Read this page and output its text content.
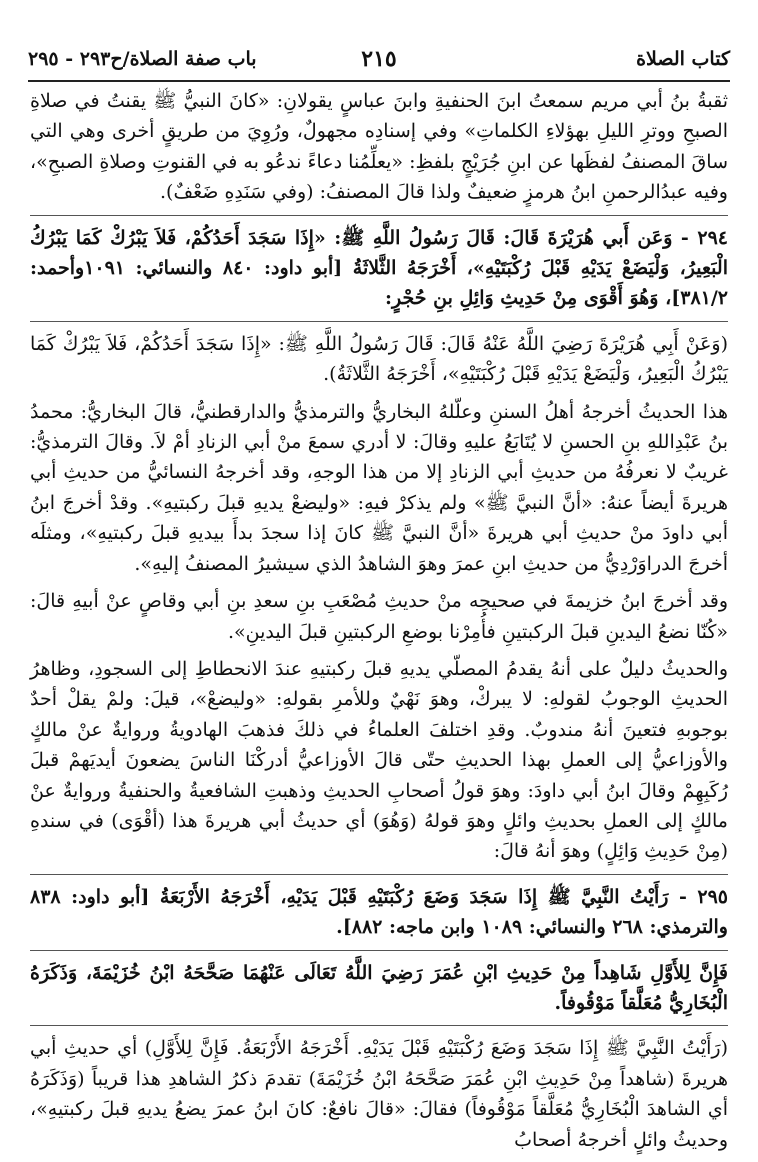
كتاب الصلاة
٢١٥
باب صفة الصلاة/ح٢٩٣ - ٢٩٥

ثقبةُ بنُ أبي مريم سمعتُ ابنَ الحنفيةِ وابنَ عباسٍ يقولانِ: «كانَ النبيُّ ﷺ يقنتُ في صلاةِ الصبحِ ووترِ الليلِ بهؤلاءِ الكلماتِ» وفي إسنادِه مجهولٌ، ورُوِيَ من طريقٍ أخرى وهي التي ساقَ المصنفُ لفظَها عن ابنِ جُرَيْجٍ بلفظِ: «يعلِّمُنا دعاءً ندعُو به في القنوتِ وصلاةِ الصبحِ»، وفيه عبدُالرحمنِ ابنُ هرمزٍ ضعيفٌ ولذا قالَ المصنفُ: (وفي سَنَدِهِ ضَعْفٌ).

٢٩٤ - وَعَن أَبي هُرَيْرَةَ قَالَ: قَالَ رَسُولُ اللَّهِ ﷺ: «إِذَا سَجَدَ أَحَدُكُمْ، فَلاَ يَبْرُكْ كَمَا يَبْرُكُ الْبَعِيرُ، وَلْيَضَعْ يَدَيْهِ قَبْلَ رُكْبَتَيْهِ»، أَخْرَجَهُ الثَّلاثَةُ [أبو داود: ٨٤٠ والنسائي: ١٠٩١وأحمد: ٣٨١/٢]، وَهُوَ أَقْوَى مِنْ حَدِيثِ وَائِلِ بنِ حُجْرٍ:

(وَعَنْ أَبِي هُرَيْرَةَ رَضِيَ اللَّهُ عَنْهُ قَالَ: قَالَ رَسُولُ اللَّهِ ﷺ: «إِذَا سَجَدَ أَحَدُكُمْ، فَلاَ يَبْرُكْ كَمَا يَبْرُكُ الْبَعِيرُ، وَلْيَضَعْ يَدَيْهِ قَبْلَ رُكْبَتَيْهِ»، أَخْرَجَهُ الثَّلاثَةُ).

هذا الحديثُ أخرجهُ أهلُ السننِ وعلّلهُ البخاريُّ والترمذيُّ والدارقطنيُّ، قالَ البخاريُّ: محمدُ بنُ عَبْدِاللهِ بنِ الحسنِ لا يُتَابَعُ عليهِ وقالَ: لا أدري سمعَ منْ أبي الزنادِ أمْ لاَ. وقالَ الترمذيُّ: غريبٌ لا نعرفُهُ من حديثِ أبي الزنادِ إلا من هذا الوجهِ، وقد أخرجهُ النسائيُّ من حديثِ أبي هريرةَ أيضاً عنهُ: «أنَّ النبيَّ ﷺ» ولم يذكرْ فيهِ: «وليضعْ يديهِ قبلَ ركبتيهِ». وقدْ أخرجَ ابنُ أبي داودَ منْ حديثِ أبي هريرةَ «أنَّ النبيَّ ﷺ كانَ إذا سجدَ بدأَ بيديهِ قبلَ ركبتيهِ»، ومثلَه أخرجَ الدراوَرْدِيُّ من حديثِ ابنِ عمرَ وهوَ الشاهدُ الذي سيشيرُ المصنفُ إليهِ».

وقد أخرجَ ابنُ خزيمةَ في صحيحِه منْ حديثِ مُصْعَبِ بنِ سعدِ بنِ أبي وقاصٍ عنْ أبيهِ قالَ: «كُنّا نضعُ اليدينِ قبلَ الركبتينِ فأُمِرْنا بوضعِ الركبتينِ قبلَ اليدينِ».

والحديثُ دليلٌ على أنهُ يقدمُ المصلّي يديهِ قبلَ ركبتيهِ عندَ الانحطاطِ إلى السجودِ، وظاهرُ الحديثِ الوجوبُ لقولهِ: لا يبركْ، وهوَ نَهْيٌ وللأمرِ بقولهِ: «وليضعْ»، قيلَ: ولمْ يقلْ أحدٌ بوجوبهِ فتعينَ أنهُ مندوبٌ. وقدِ اختلفَ العلماءُ في ذلكَ فذهبَ الهادويةُ وروايةٌ عنْ مالكٍ والأوزاعيُّ إلى العملِ بهذا الحديثِ حتّى قالَ الأوزاعيُّ أدركْنَا الناسَ يضعونَ أيديَهمْ قبلَ رُكَبِهِمْ وقالَ ابنُ أبي داودَ: وهوَ قولُ أصحابِ الحديثِ وذهبتِ الشافعيةُ والحنفيةُ وروايةٌ عنْ مالكٍ إلى العملِ بحديثِ وائلٍ وهوَ قولهُ (وَهُوَ) أي حديثُ أبي هريرةَ هذا (أقْوَى) في سندهِ (مِنْ حَدِيثِ وَائِلٍ) وهوَ أنهُ قالَ:

٢٩٥ - رَأَيْتُ النَّبِيَّ ﷺ إِذَا سَجَدَ وَضَعَ رُكْبَتَيْهِ قَبْلَ يَدَيْهِ، أَخْرَجَهُ الأَرْبَعَةُ [أبو داود: ٨٣٨ والترمذي: ٢٦٨ والنسائي: ١٠٨٩ وابن ماجه: ٨٨٢].

فَإِنَّ لِلأَوَّلِ شَاهِداً مِنْ حَدِيثِ ابْنِ عُمَرَ رَضِيَ اللَّهُ تَعَالَى عَنْهُمَا صَحَّحَهُ ابْنُ خُزَيْمَةَ، وَذَكَرَهُ الْبُخَارِيُّ مُعَلَّقاً مَوْقُوفاً.

(رَأَيْتُ النَّبِيَّ ﷺ إِذَا سَجَدَ وَضَعَ رُكْبَتَيْهِ قَبْلَ يَدَيْهِ. أَخْرَجَهُ الأَرْبَعَةُ. فَإِنَّ لِلأَوَّلِ) أي حديثِ أبي هريرةَ (شاهداً مِنْ حَدِيثِ ابْنِ عُمَرَ صَحَّحَهُ ابْنُ خُزَيْمَةَ) تقدمَ ذكرُ الشاهدِ هذا قريباً (وَذَكَرَهُ أي الشاهدَ الْبُخَارِيُّ مُعَلَّقاً مَوْقُوفاً) فقالَ: «قالَ نافعٌ: كانَ ابنُ عمرَ يضعُ يديهِ قبلَ ركبتيهِ»، وحديثُ وائلٍ أخرجهُ أصحابُ
